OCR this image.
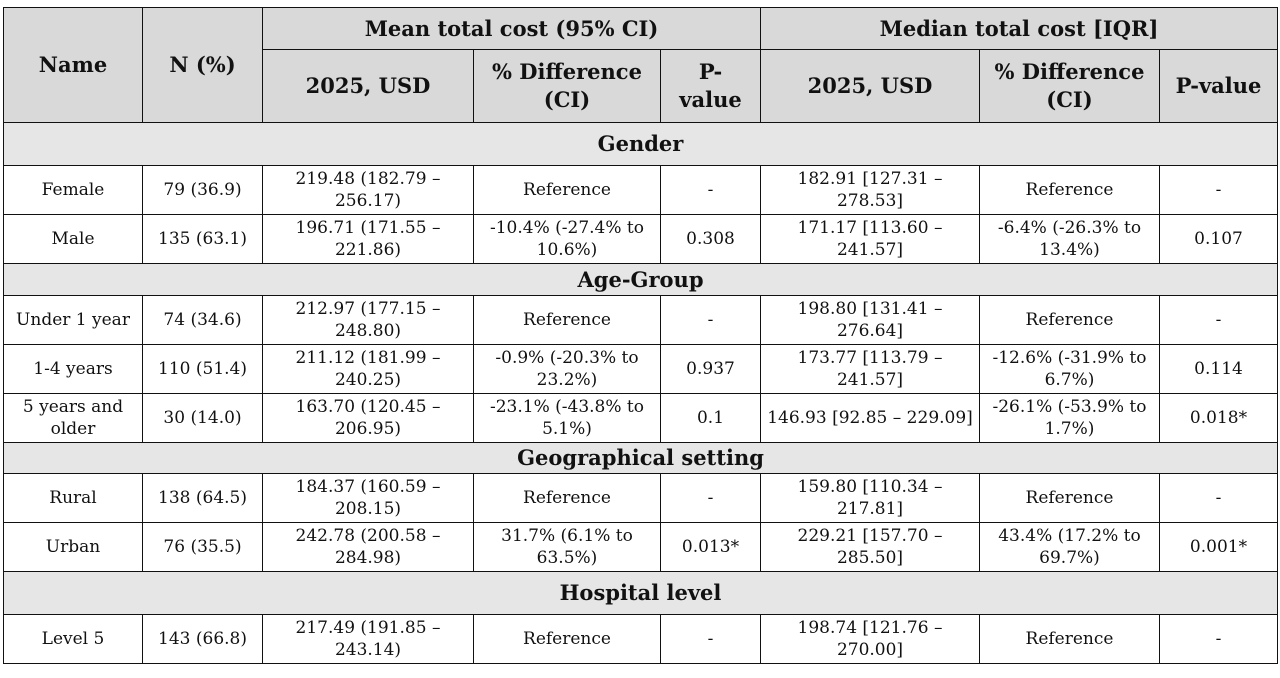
Name	N (%)	Mean total cost (95% CI)			Median total cost [IQR]		
		2025, USD	% Difference (CI)	P-value	2025, USD	% Difference (CI)	P-value
Gender							
Female	79 (36.9)	219.48 (182.79 – 256.17)	Reference	-	182.91 [127.31 – 278.53]	Reference	-
Male	135 (63.1)	196.71 (171.55 – 221.86)	-10.4% (-27.4% to 10.6%)	0.308	171.17 [113.60 – 241.57]	-6.4% (-26.3% to 13.4%)	0.107
Age-Group							
Under 1 year	74 (34.6)	212.97 (177.15 – 248.80)	Reference	-	198.80 [131.41 – 276.64]	Reference	-
1-4 years	110 (51.4)	211.12 (181.99 – 240.25)	-0.9% (-20.3% to 23.2%)	0.937	173.77 [113.79 – 241.57]	-12.6% (-31.9% to 6.7%)	0.114
5 years and older	30 (14.0)	163.70 (120.45 – 206.95)	-23.1% (-43.8% to 5.1%)	0.1	146.93 [92.85 – 229.09]	-26.1% (-53.9% to 1.7%)	0.018*
Geographical setting							
Rural	138 (64.5)	184.37 (160.59 – 208.15)	Reference	-	159.80 [110.34 – 217.81]	Reference	-
Urban	76 (35.5)	242.78 (200.58 – 284.98)	31.7% (6.1% to 63.5%)	0.013*	229.21 [157.70 – 285.50]	43.4% (17.2% to 69.7%)	0.001*
Hospital level							
Level 5	143 (66.8)	217.49 (191.85 – 243.14)	Reference	-	198.74 [121.76 – 270.00]	Reference	-
